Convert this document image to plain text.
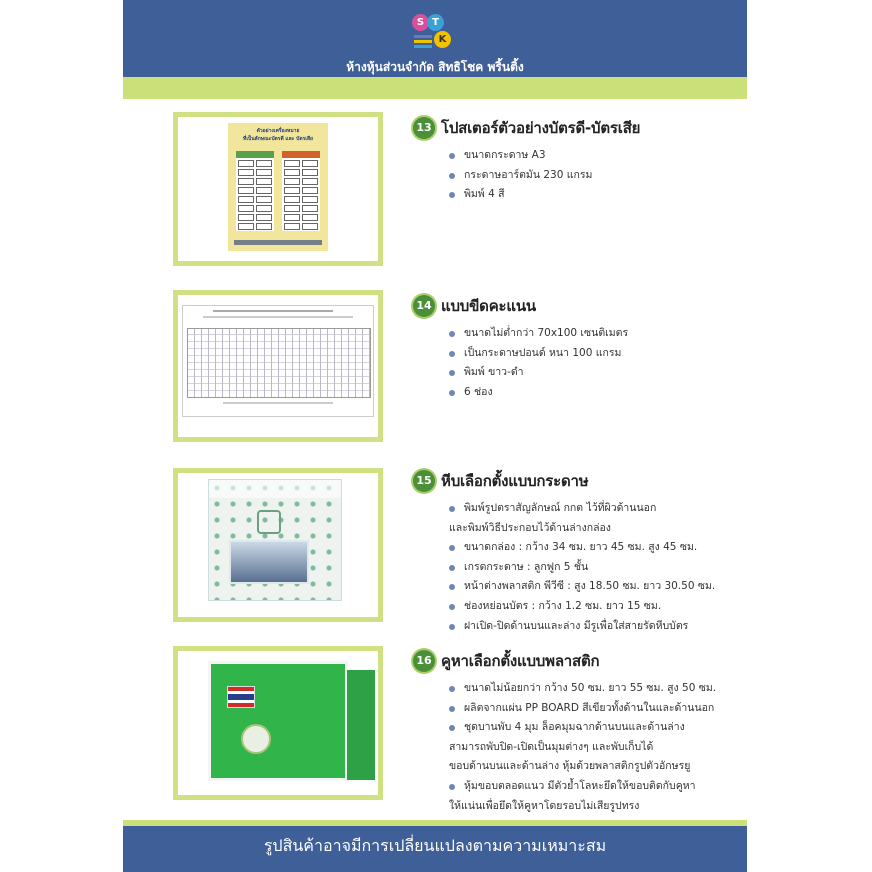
S T
K
ห้างหุ้นส่วนจำกัด สิทธิโชค พริ้นติ้ง
ตัวอย่างเครื่องหมาย
ที่เป็นลักษณะบัตรดี และ บัตรเสีย
13 โปสเตอร์ตัวอย่างบัตรดี-บัตรเสีย
ขนาดกระดาษ A3
กระดาษอาร์ตมัน 230 แกรม
พิมพ์ 4 สี
14 แบบขีดคะแนน
ขนาดไม่ต่ำกว่า 70x100 เซนติเมตร
เป็นกระดาษปอนด์ หนา 100 แกรม
พิมพ์ ขาว-ดำ
6 ช่อง
15 หีบเลือกตั้งแบบกระดาษ
พิมพ์รูปตราสัญลักษณ์ กกต ไว้ที่ผิวด้านนอก
และพิมพ์วิธีประกอบไว้ด้านล่างกล่อง
ขนาดกล่อง : กว้าง 34 ซม. ยาว 45 ซม. สูง 45 ซม.
เกรดกระดาษ : ลูกฟูก 5 ชั้น
หน้าต่างพลาสติก พีวีซี : สูง 18.50 ซม. ยาว 30.50 ซม.
ช่องหย่อนบัตร : กว้าง 1.2 ซม. ยาว 15 ซม.
ฝาเปิด-ปิดด้านบนและล่าง มีรูเพื่อใส่สายรัดหีบบัตร
16 คูหาเลือกตั้งแบบพลาสติก
ขนาดไม่น้อยกว่า กว้าง 50 ซม. ยาว 55 ซม. สูง 50 ซม.
ผลิตจากแผ่น PP BOARD สีเขียวทั้งด้านในและด้านนอก
ชุดบานพับ 4 มุม ล็อคมุมฉากด้านบนและด้านล่าง
สามารถพับปิด-เปิดเป็นมุมต่างๆ และพับเก็บได้
ขอบด้านบนและด้านล่าง หุ้มด้วยพลาสติกรูปตัวอักษรยู
หุ้มขอบตลอดแนว มีตัวย้ำโลหะยึดให้ขอบติดกับคูหา
ให้แน่นเพื่อยึดให้คูหาโดยรอบไม่เสียรูปทรง
รูปสินค้าอาจมีการเปลี่ยนแปลงตามความเหมาะสม
